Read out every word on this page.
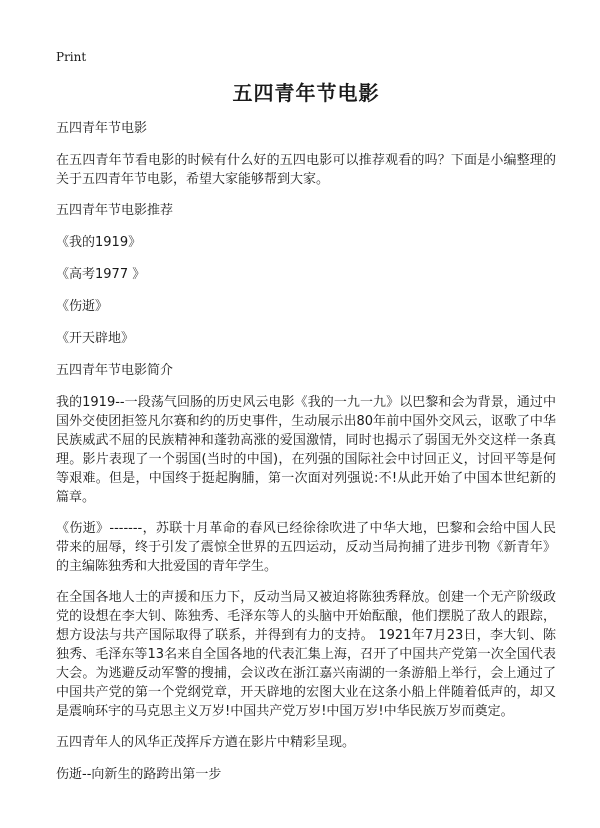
Print
五四青年节电影

五四青年节电影

在五四青年节看电影的时候有什么好的五四电影可以推荐观看的吗？下面是小编整理的关于五四青年节电影，希望大家能够帮到大家。

五四青年节电影推荐

《我的1919》

《高考1977 》

《伤逝》

《开天辟地》

五四青年节电影简介

我的1919--一段荡气回肠的历史风云电影《我的一九一九》以巴黎和会为背景，通过中国外交使团拒签凡尔赛和约的历史事件，生动展示出80年前中国外交风云，讴歌了中华民族威武不屈的民族精神和蓬勃高涨的爱国激情，同时也揭示了弱国无外交这样一条真理。影片表现了一个弱国(当时的中国)，在列强的国际社会中讨回正义，讨回平等是何等艰难。但是，中国终于挺起胸脯，第一次面对列强说:不!从此开始了中国本世纪新的篇章。

《伤逝》-------，苏联十月革命的春风已经徐徐吹进了中华大地，巴黎和会给中国人民带来的屈辱，终于引发了震惊全世界的五四运动，反动当局拘捕了进步刊物《新青年》的主编陈独秀和大批爱国的青年学生。

在全国各地人士的声援和压力下，反动当局又被迫将陈独秀释放。创建一个无产阶级政党的设想在李大钊、陈独秀、毛泽东等人的头脑中开始酝酿，他们摆脱了敌人的跟踪，想方设法与共产国际取得了联系，并得到有力的支持。 1921年7月23日，李大钊、陈独秀、毛泽东等13名来自全国各地的代表汇集上海，召开了中国共产党第一次全国代表大会。为逃避反动军警的搜捕，会议改在浙江嘉兴南湖的一条游船上举行，会上通过了中国共产党的第一个党纲党章，开天辟地的宏图大业在这条小船上伴随着低声的，却又是震响环宇的马克思主义万岁!中国共产党万岁!中国万岁!中华民族万岁而奠定。

五四青年人的风华正茂挥斥方遒在影片中精彩呈现。

伤逝--向新生的路跨出第一步
